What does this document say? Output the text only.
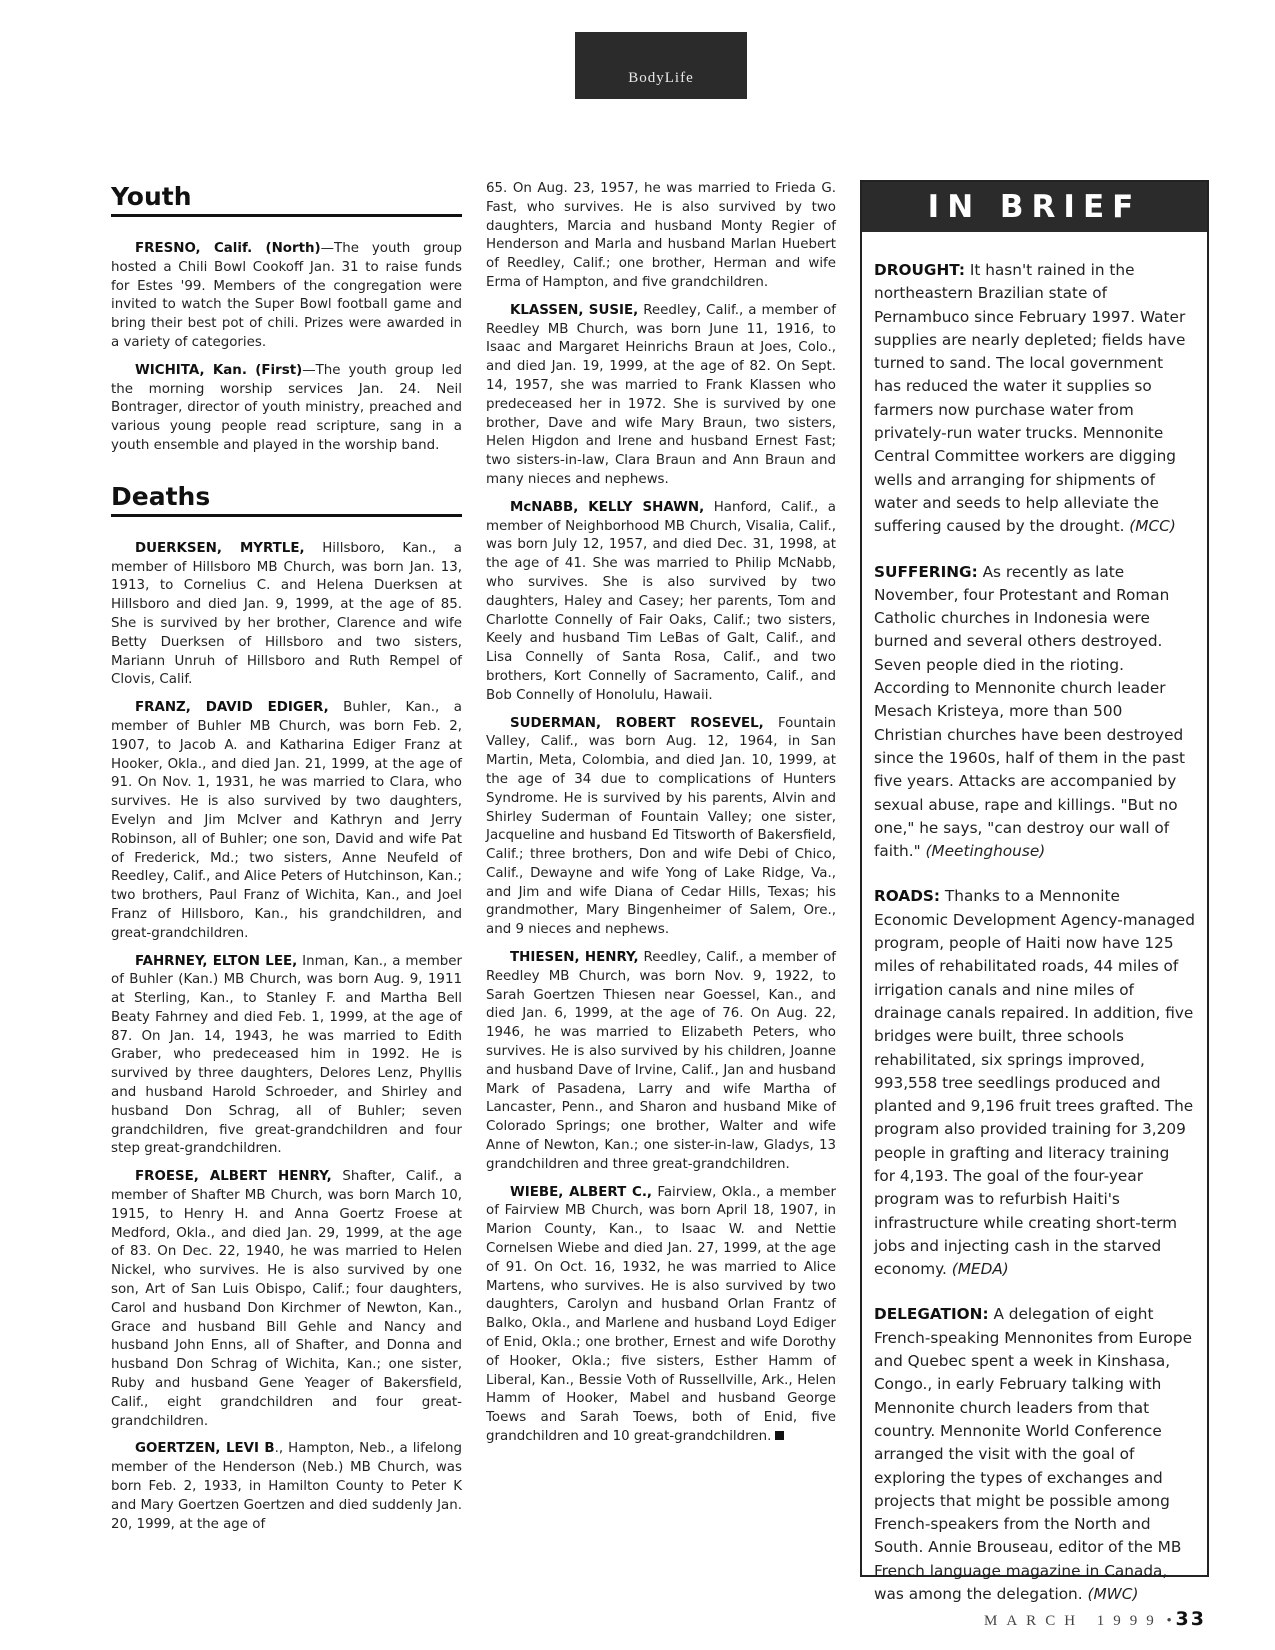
BodyLife
Youth

FRESNO, Calif. (North)—The youth group hosted a Chili Bowl Cookoff Jan. 31 to raise funds for Estes '99. Members of the congregation were invited to watch the Super Bowl football game and bring their best pot of chili. Prizes were awarded in a variety of categories.

WICHITA, Kan. (First)—The youth group led the morning worship services Jan. 24. Neil Bontrager, director of youth ministry, preached and various young people read scripture, sang in a youth ensemble and played in the worship band.

Deaths

DUERKSEN, MYRTLE, Hillsboro, Kan., a member of Hillsboro MB Church, was born Jan. 13, 1913, to Cornelius C. and Helena Duerksen at Hillsboro and died Jan. 9, 1999, at the age of 85. She is survived by her brother, Clarence and wife Betty Duerksen of Hillsboro and two sisters, Mariann Unruh of Hillsboro and Ruth Rempel of Clovis, Calif.

FRANZ, DAVID EDIGER, Buhler, Kan., a member of Buhler MB Church, was born Feb. 2, 1907, to Jacob A. and Katharina Ediger Franz at Hooker, Okla., and died Jan. 21, 1999, at the age of 91. On Nov. 1, 1931, he was married to Clara, who survives. He is also survived by two daughters, Evelyn and Jim McIver and Kathryn and Jerry Robinson, all of Buhler; one son, David and wife Pat of Frederick, Md.; two sisters, Anne Neufeld of Reedley, Calif., and Alice Peters of Hutchinson, Kan.; two brothers, Paul Franz of Wichita, Kan., and Joel Franz of Hillsboro, Kan., his grandchildren, and great-grandchildren.

FAHRNEY, ELTON LEE, Inman, Kan., a member of Buhler (Kan.) MB Church, was born Aug. 9, 1911 at Sterling, Kan., to Stanley F. and Martha Bell Beaty Fahrney and died Feb. 1, 1999, at the age of 87. On Jan. 14, 1943, he was married to Edith Graber, who predeceased him in 1992. He is survived by three daughters, Delores Lenz, Phyllis and husband Harold Schroeder, and Shirley and husband Don Schrag, all of Buhler; seven grandchildren, five great-grandchildren and four step great-grandchildren.

FROESE, ALBERT HENRY, Shafter, Calif., a member of Shafter MB Church, was born March 10, 1915, to Henry H. and Anna Goertz Froese at Medford, Okla., and died Jan. 29, 1999, at the age of 83. On Dec. 22, 1940, he was married to Helen Nickel, who survives. He is also survived by one son, Art of San Luis Obispo, Calif.; four daughters, Carol and husband Don Kirchmer of Newton, Kan., Grace and husband Bill Gehle and Nancy and husband John Enns, all of Shafter, and Donna and husband Don Schrag of Wichita, Kan.; one sister, Ruby and husband Gene Yeager of Bakersfield, Calif., eight grandchildren and four great-grandchildren.

GOERTZEN, LEVI B., Hampton, Neb., a lifelong member of the Henderson (Neb.) MB Church, was born Feb. 2, 1933, in Hamilton County to Peter K and Mary Goertzen Goertzen and died suddenly Jan. 20, 1999, at the age of

65. On Aug. 23, 1957, he was married to Frieda G. Fast, who survives. He is also survived by two daughters, Marcia and husband Monty Regier of Henderson and Marla and husband Marlan Huebert of Reedley, Calif.; one brother, Herman and wife Erma of Hampton, and five grandchildren.

KLASSEN, SUSIE, Reedley, Calif., a member of Reedley MB Church, was born June 11, 1916, to Isaac and Margaret Heinrichs Braun at Joes, Colo., and died Jan. 19, 1999, at the age of 82. On Sept. 14, 1957, she was married to Frank Klassen who predeceased her in 1972. She is survived by one brother, Dave and wife Mary Braun, two sisters, Helen Higdon and Irene and husband Ernest Fast; two sisters-in-law, Clara Braun and Ann Braun and many nieces and nephews.

McNABB, KELLY SHAWN, Hanford, Calif., a member of Neighborhood MB Church, Visalia, Calif., was born July 12, 1957, and died Dec. 31, 1998, at the age of 41. She was married to Philip McNabb, who survives. She is also survived by two daughters, Haley and Casey; her parents, Tom and Charlotte Connelly of Fair Oaks, Calif.; two sisters, Keely and husband Tim LeBas of Galt, Calif., and Lisa Connelly of Santa Rosa, Calif., and two brothers, Kort Connelly of Sacramento, Calif., and Bob Connelly of Honolulu, Hawaii.

SUDERMAN, ROBERT ROSEVEL, Fountain Valley, Calif., was born Aug. 12, 1964, in San Martin, Meta, Colombia, and died Jan. 10, 1999, at the age of 34 due to complications of Hunters Syndrome. He is survived by his parents, Alvin and Shirley Suderman of Fountain Valley; one sister, Jacqueline and husband Ed Titsworth of Bakersfield, Calif.; three brothers, Don and wife Debi of Chico, Calif., Dewayne and wife Yong of Lake Ridge, Va., and Jim and wife Diana of Cedar Hills, Texas; his grandmother, Mary Bingenheimer of Salem, Ore., and 9 nieces and nephews.

THIESEN, HENRY, Reedley, Calif., a member of Reedley MB Church, was born Nov. 9, 1922, to Sarah Goertzen Thiesen near Goessel, Kan., and died Jan. 6, 1999, at the age of 76. On Aug. 22, 1946, he was married to Elizabeth Peters, who survives. He is also survived by his children, Joanne and husband Dave of Irvine, Calif., Jan and husband Mark of Pasadena, Larry and wife Martha of Lancaster, Penn., and Sharon and husband Mike of Colorado Springs; one brother, Walter and wife Anne of Newton, Kan.; one sister-in-law, Gladys, 13 grandchildren and three great-grandchildren.

WIEBE, ALBERT C., Fairview, Okla., a member of Fairview MB Church, was born April 18, 1907, in Marion County, Kan., to Isaac W. and Nettie Cornelsen Wiebe and died Jan. 27, 1999, at the age of 91. On Oct. 16, 1932, he was married to Alice Martens, who survives. He is also survived by two daughters, Carolyn and husband Orlan Frantz of Balko, Okla., and Marlene and husband Loyd Ediger of Enid, Okla.; one brother, Ernest and wife Dorothy of Hooker, Okla.; five sisters, Esther Hamm of Liberal, Kan., Bessie Voth of Russellville, Ark., Helen Hamm of Hooker, Mabel and husband George Toews and Sarah Toews, both of Enid, five grandchildren and 10 great-grandchildren.

IN BRIEF

DROUGHT: It hasn't rained in the northeastern Brazilian state of Pernambuco since February 1997. Water supplies are nearly depleted; fields have turned to sand. The local government has reduced the water it supplies so farmers now purchase water from privately-run water trucks. Mennonite Central Committee workers are digging wells and arranging for shipments of water and seeds to help alleviate the suffering caused by the drought. (MCC)

SUFFERING: As recently as late November, four Protestant and Roman Catholic churches in Indonesia were burned and several others destroyed. Seven people died in the rioting. According to Mennonite church leader Mesach Kristeya, more than 500 Christian churches have been destroyed since the 1960s, half of them in the past five years. Attacks are accompanied by sexual abuse, rape and killings. "But no one," he says, "can destroy our wall of faith." (Meetinghouse)

ROADS: Thanks to a Mennonite Economic Development Agency-managed program, people of Haiti now have 125 miles of rehabilitated roads, 44 miles of irrigation canals and nine miles of drainage canals repaired. In addition, five bridges were built, three schools rehabilitated, six springs improved, 993,558 tree seedlings produced and planted and 9,196 fruit trees grafted. The program also provided training for 3,209 people in grafting and literacy training for 4,193. The goal of the four-year program was to refurbish Haiti's infrastructure while creating short-term jobs and injecting cash in the starved economy. (MEDA)

DELEGATION: A delegation of eight French-speaking Mennonites from Europe and Quebec spent a week in Kinshasa, Congo., in early February talking with Mennonite church leaders from that country. Mennonite World Conference arranged the visit with the goal of exploring the types of exchanges and projects that might be possible among French-speakers from the North and South. Annie Brouseau, editor of the MB French language magazine in Canada, was among the delegation. (MWC)

MARCH 1999 • 33
